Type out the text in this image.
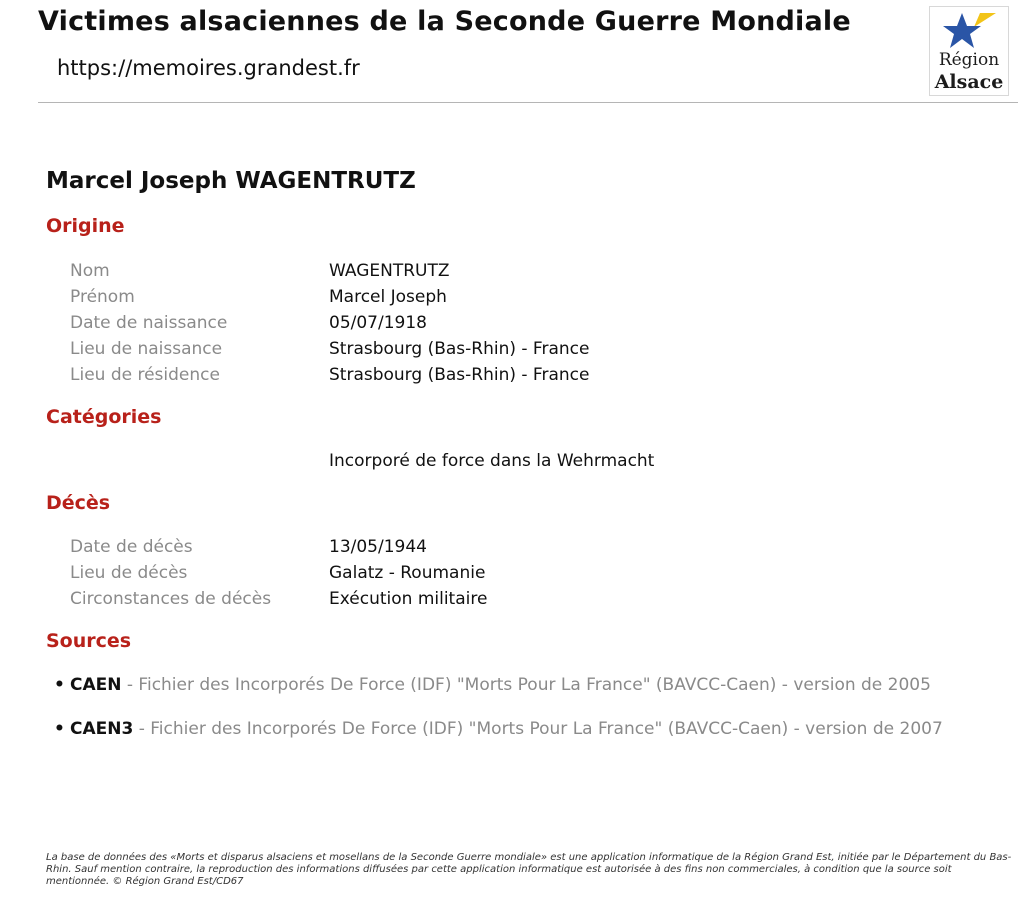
Victimes alsaciennes de la Seconde Guerre Mondiale
https://memoires.grandest.fr	Région
Alsace
Marcel Joseph WAGENTRUTZ
Origine
Nom	WAGENTRUTZ
Prénom	Marcel Joseph
Date de naissance	05/07/1918
Lieu de naissance	Strasbourg (Bas-Rhin) - France
Lieu de résidence	Strasbourg (Bas-Rhin) - France
Catégories
Incorporé de force dans la Wehrmacht
Décès
Date de décès	13/05/1944
Lieu de décès	Galatz - Roumanie
Circonstances de décès	Exécution militaire
Sources
• CAEN - Fichier des Incorporés De Force (IDF) "Morts Pour La France" (BAVCC-Caen) - version de 2005
• CAEN3 - Fichier des Incorporés De Force (IDF) "Morts Pour La France" (BAVCC-Caen) - version de 2007
La base de données des «Morts et disparus alsaciens et mosellans de la Seconde Guerre mondiale» est une application informatique de la Région Grand Est, initiée par le Département du Bas-Rhin. Sauf mention contraire, la reproduction des informations diffusées par cette application informatique est autorisée à des fins non commerciales, à condition que la source soit mentionnée. © Région Grand Est/CD67
